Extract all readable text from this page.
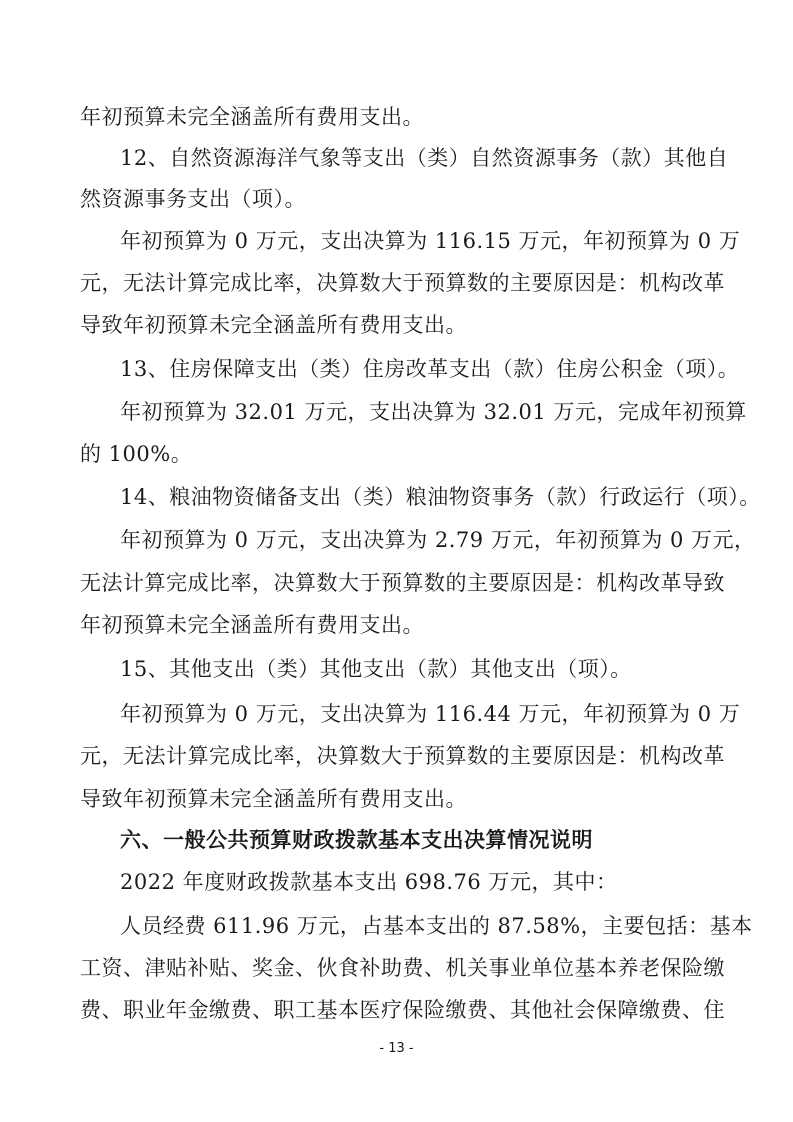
年初预算未完全涵盖所有费用支出。

12、自然资源海洋气象等支出（类）自然资源事务（款）其他自

然资源事务支出（项）。

年初预算为 0 万元，支出决算为 116.15 万元，年初预算为 0 万

元，无法计算完成比率，决算数大于预算数的主要原因是：机构改革

导致年初预算未完全涵盖所有费用支出。

13、住房保障支出（类）住房改革支出（款）住房公积金（项）。

年初预算为 32.01 万元，支出决算为 32.01 万元，完成年初预算

的 100%。

14、粮油物资储备支出（类）粮油物资事务（款）行政运行（项）。

年初预算为 0 万元，支出决算为 2.79 万元，年初预算为 0 万元，

无法计算完成比率，决算数大于预算数的主要原因是：机构改革导致

年初预算未完全涵盖所有费用支出。

15、其他支出（类）其他支出（款）其他支出（项）。

年初预算为 0 万元，支出决算为 116.44 万元，年初预算为 0 万

元，无法计算完成比率，决算数大于预算数的主要原因是：机构改革

导致年初预算未完全涵盖所有费用支出。

六、一般公共预算财政拨款基本支出决算情况说明

2022 年度财政拨款基本支出 698.76 万元，其中：

人员经费 611.96 万元，占基本支出的 87.58%，主要包括：基本

工资、津贴补贴、奖金、伙食补助费、机关事业单位基本养老保险缴

费、职业年金缴费、职工基本医疗保险缴费、其他社会保障缴费、住

- 13 -
